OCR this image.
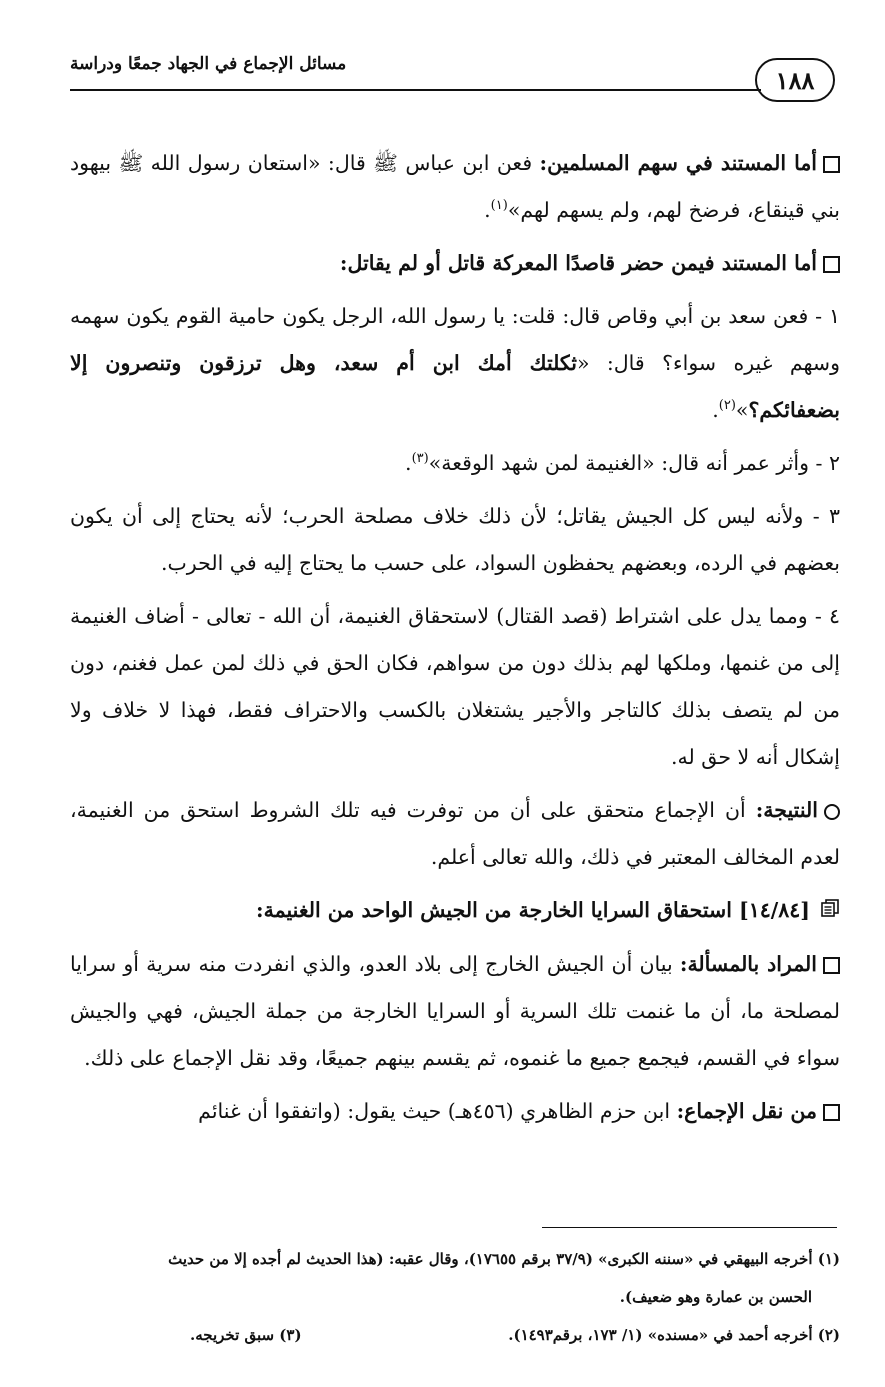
١٨٨
مسائل الإجماع في الجهاد جمعًا ودراسة

أما المستند في سهم المسلمين: فعن ابن عباس ﷺ قال: «استعان رسول الله ﷺ بيهود بني قينقاع، فرضخ لهم، ولم يسهم لهم»$^{(١)}$.

أما المستند فيمن حضر قاصدًا المعركة قاتل أو لم يقاتل:

١ - فعن سعد بن أبي وقاص قال: قلت: يا رسول الله، الرجل يكون حامية القوم يكون سهمه وسهم غيره سواء؟ قال: «ثكلتك أمك ابن أم سعد، وهل ترزقون وتنصرون إلا بضعفائكم؟»$^{(٢)}$.

٢ - وأثر عمر أنه قال: «الغنيمة لمن شهد الوقعة»$^{(٣)}$.

٣ - ولأنه ليس كل الجيش يقاتل؛ لأن ذلك خلاف مصلحة الحرب؛ لأنه يحتاج إلى أن يكون بعضهم في الرده، وبعضهم يحفظون السواد، على حسب ما يحتاج إليه في الحرب.

٤ - ومما يدل على اشتراط (قصد القتال) لاستحقاق الغنيمة، أن الله - تعالى - أضاف الغنيمة إلى من غنمها، وملكها لهم بذلك دون من سواهم، فكان الحق في ذلك لمن عمل فغنم، دون من لم يتصف بذلك كالتاجر والأجير يشتغلان بالكسب والاحتراف فقط، فهذا لا خلاف ولا إشكال أنه لا حق له.

النتيجة: أن الإجماع متحقق على أن من توفرت فيه تلك الشروط استحق من الغنيمة، لعدم المخالف المعتبر في ذلك، والله تعالى أعلم.

[١٤/٨٤] استحقاق السرايا الخارجة من الجيش الواحد من الغنيمة:

المراد بالمسألة: بيان أن الجيش الخارج إلى بلاد العدو، والذي انفردت منه سرية أو سرايا لمصلحة ما، أن ما غنمت تلك السرية أو السرايا الخارجة من جملة الجيش، فهي والجيش سواء في القسم، فيجمع جميع ما غنموه، ثم يقسم بينهم جميعًا، وقد نقل الإجماع على ذلك.

من نقل الإجماع: ابن حزم الظاهري (٤٥٦هـ) حيث يقول: (واتفقوا أن غنائم

(١) أخرجه البيهقي في «سننه الكبرى» (٣٧/٩ برقم ١٧٦٥٥)، وقال عقبه: (هذا الحديث لم أجده إلا من حديث

الحسن بن عمارة وهو ضعيف).

(٢) أخرجه أحمد في «مسنده» (١/ ١٧٣، برقم١٤٩٣).

(٣) سبق تخريجه.
